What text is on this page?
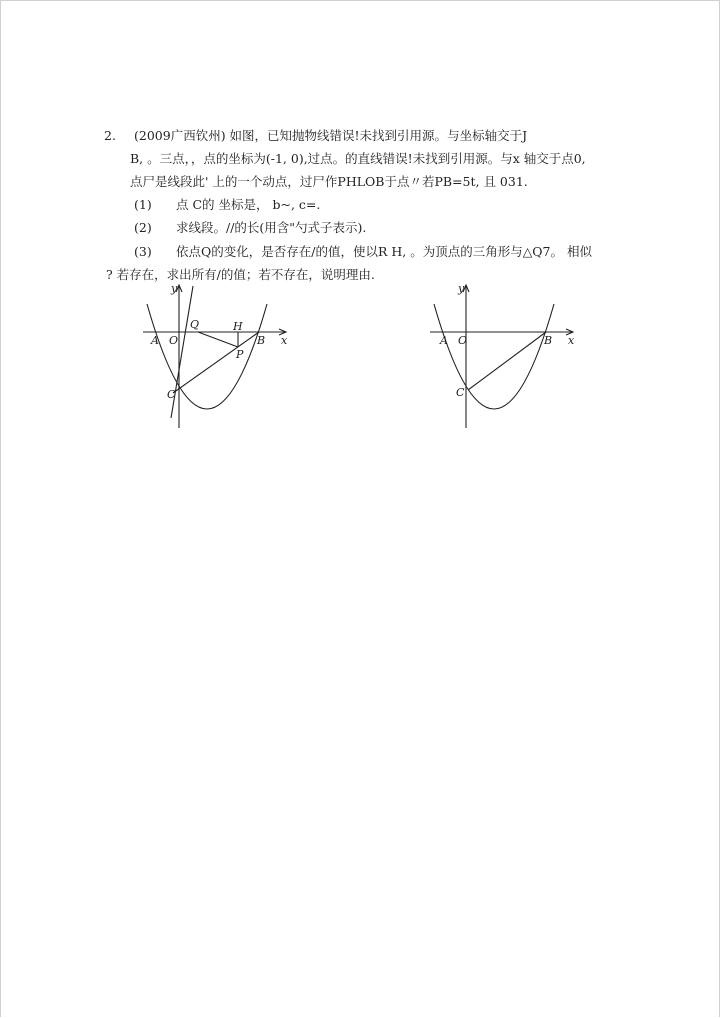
2. (2009广西钦州) 如图，已知抛物线错误!未找到引用源。与坐标轴交于J
B, 。三点，，点的坐标为(-1, 0),过点。的直线错误!未找到引用源。与x 轴交于点0,
点尸是线段此' 上的一个动点，过尸作PHLOB于点〃若PB=5t, 且 031.
(1) 点 C的 坐标是， b~, c=.
(2) 求线段。//的长(用含"勺式子表示).
(3) 依点Q的变化，是否存在/的值，使以R H, 。为顶点的三角形与△Q7。 相似
? 若存在，求出所有/的值；若不存在，说明理由.
y
x
A O	B
C
Q	H
P
y
x
A O	B
C
